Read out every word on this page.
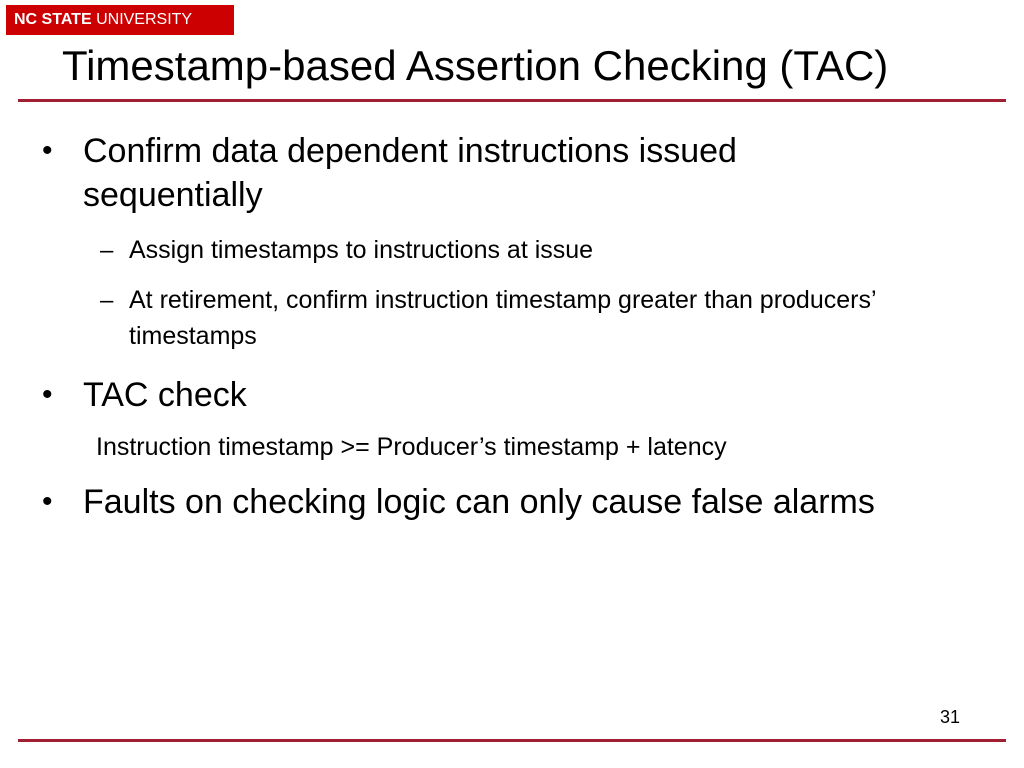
NC STATE UNIVERSITY
Timestamp-based Assertion Checking (TAC)
• Confirm data dependent instructions issued sequentially
– Assign timestamps to instructions at issue
– At retirement, confirm instruction timestamp greater than producers’ timestamps
• TAC check
Instruction timestamp >= Producer’s timestamp + latency
• Faults on checking logic can only cause false alarms
31
